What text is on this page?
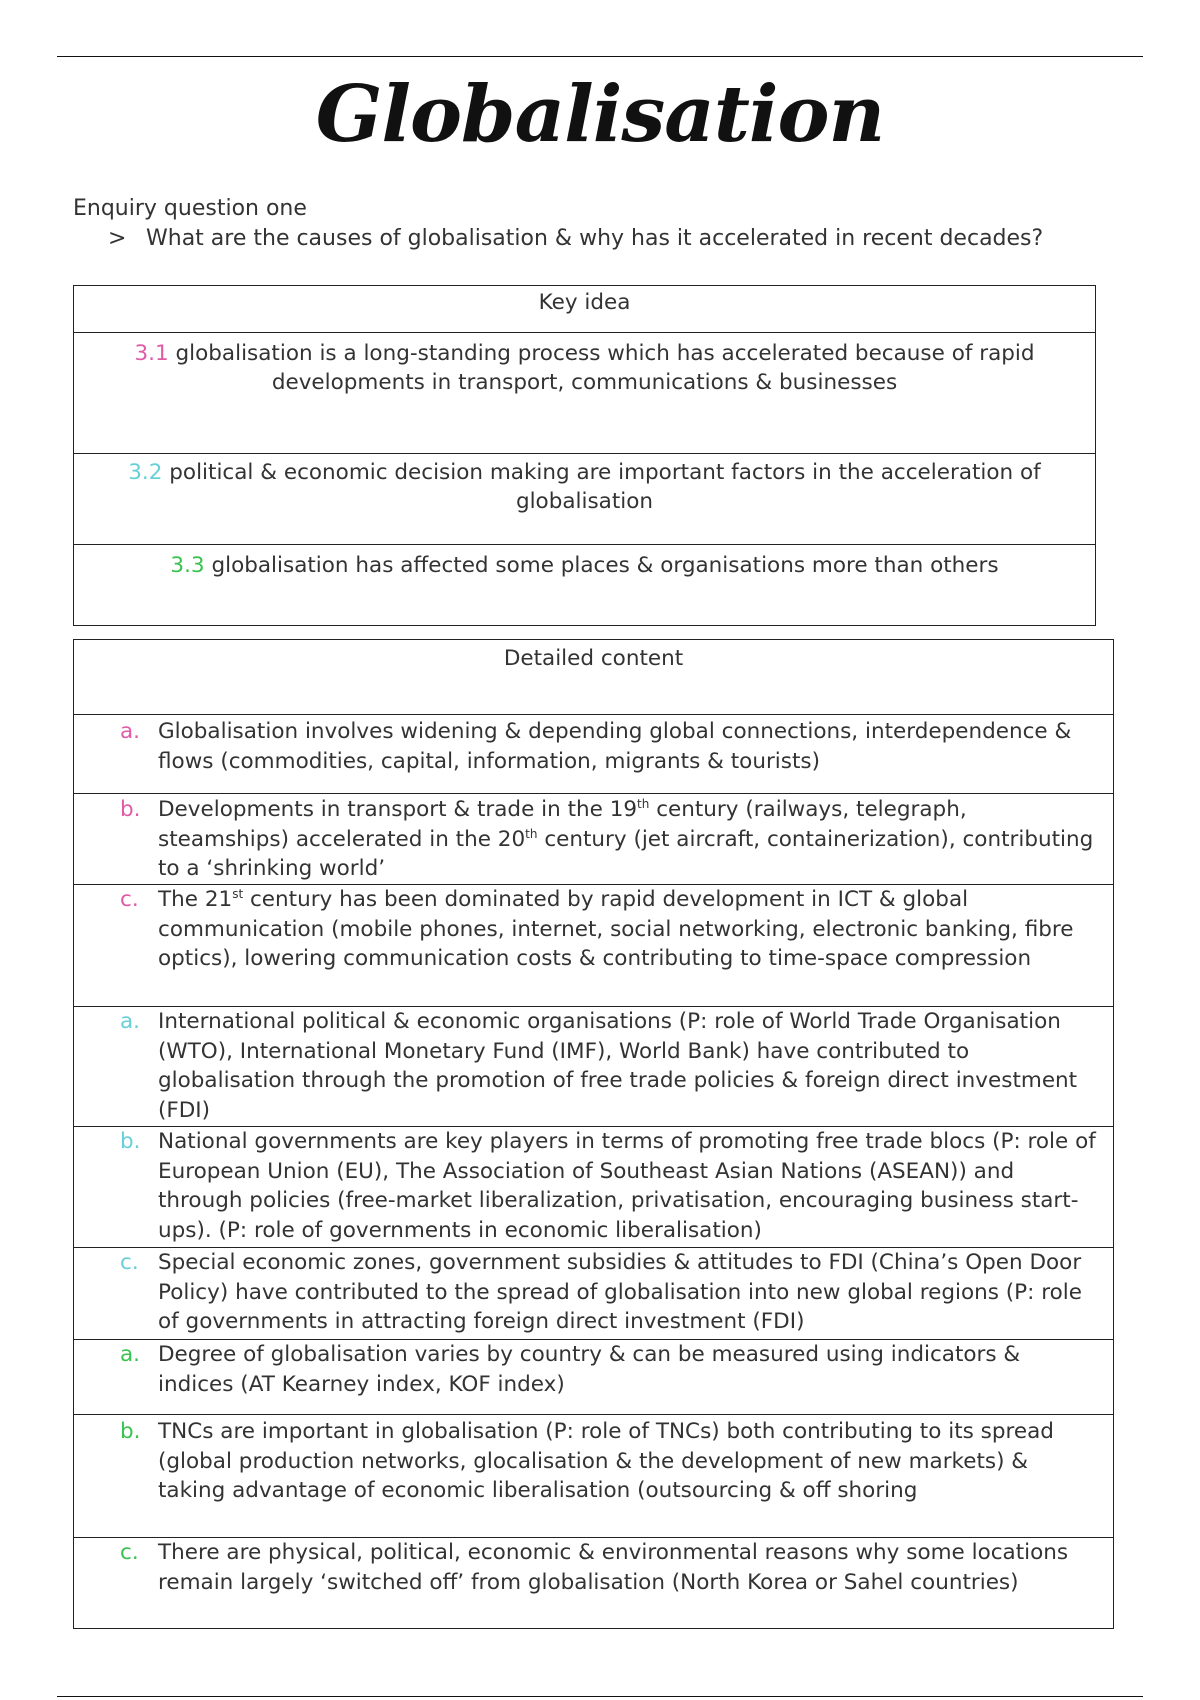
Globalisation
Enquiry question one
> What are the causes of globalisation & why has it accelerated in recent decades?
Key idea
3.1 globalisation is a long-standing process which has accelerated because of rapid developments in transport, communications & businesses
3.2 political & economic decision making are important factors in the acceleration of globalisation
3.3 globalisation has affected some places & organisations more than others
Detailed content

a. Globalisation involves widening & depending global connections, interdependence & flows (commodities, capital, information, migrants & tourists)

b. Developments in transport & trade in the 19th century (railways, telegraph, steamships) accelerated in the 20th century (jet aircraft, containerization), contributing to a ‘shrinking world’

c. The 21st century has been dominated by rapid development in ICT & global communication (mobile phones, internet, social networking, electronic banking, fibre optics), lowering communication costs & contributing to time-space compression

a. International political & economic organisations (P: role of World Trade Organisation (WTO), International Monetary Fund (IMF), World Bank) have contributed to globalisation through the promotion of free trade policies & foreign direct investment (FDI)

b. National governments are key players in terms of promoting free trade blocs (P: role of European Union (EU), The Association of Southeast Asian Nations (ASEAN)) and through policies (free-market liberalization, privatisation, encouraging business start-ups). (P: role of governments in economic liberalisation)

c. Special economic zones, government subsidies & attitudes to FDI (China’s Open Door Policy) have contributed to the spread of globalisation into new global regions (P: role of governments in attracting foreign direct investment (FDI)

a. Degree of globalisation varies by country & can be measured using indicators & indices (AT Kearney index, KOF index)

b. TNCs are important in globalisation (P: role of TNCs) both contributing to its spread (global production networks, glocalisation & the development of new markets) & taking advantage of economic liberalisation (outsourcing & off shoring

c. There are physical, political, economic & environmental reasons why some locations remain largely ‘switched off’ from globalisation (North Korea or Sahel countries)
